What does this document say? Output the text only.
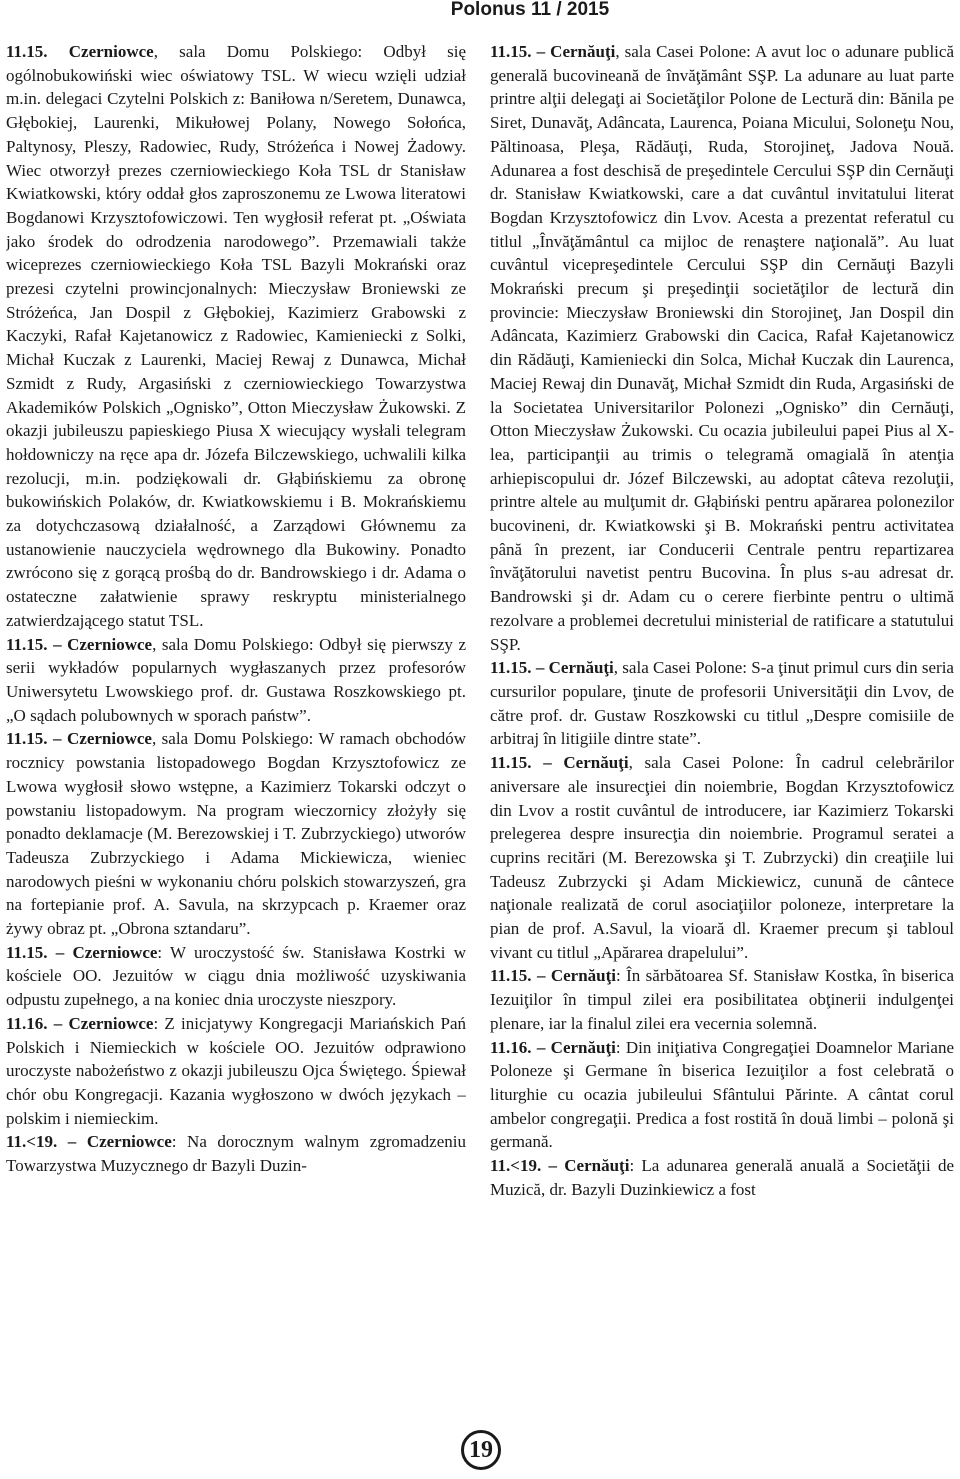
Polonus 11 / 2015

11.15. Czerniowce, sala Domu Polskiego: Odbył się ogólnobukowiński wiec oświatowy TSL. W wiecu wzięli udział m.in. delegaci Czytelni Polskich z: Baniłowa n/Seretem, Dunawca, Głębokiej, Laurenki, Mikułowej Polany, Nowego Sołońca, Paltynosy, Pleszy, Radowiec, Rudy, Stróżeńca i Nowej Żadowy. Wiec otworzył prezes czerniowieckiego Koła TSL dr Stanisław Kwiatkowski, który oddał głos zaproszonemu ze Lwowa literatowi Bogdanowi Krzysztofowiczowi. Ten wygłosił referat pt. „Oświata jako środek do odrodzenia narodowego”. Przemawiali także wiceprezes czerniowieckiego Koła TSL Bazyli Mokrański oraz prezesi czytelni prowincjonalnych: Mieczysław Broniewski ze Stróżeńca, Jan Dospil z Głębokiej, Kazimierz Grabowski z Kaczyki, Rafał Kajetanowicz z Radowiec, Kamieniecki z Solki, Michał Kuczak z Laurenki, Maciej Rewaj z Dunawca, Michał Szmidt z Rudy, Argasiński z czerniowieckiego Towarzystwa Akademików Polskich „Ognisko”, Otton Mieczysław Żukowski. Z okazji jubileuszu papieskiego Piusa X wiecujący wysłali telegram hołdowniczy na ręce apa dr. Józefa Bilczewskiego, uchwalili kilka rezolucji, m.in. podziękowali dr. Głąbińskiemu za obronę bukowińskich Polaków, dr. Kwiatkowskiemu i B. Mokrańskiemu za dotychczasową działalność, a Zarządowi Głównemu za ustanowienie nauczyciela wędrownego dla Bukowiny. Ponadto zwrócono się z gorącą prośbą do dr. Bandrowskiego i dr. Adama o ostateczne załatwienie sprawy reskryptu ministerialnego zatwierdzającego statut TSL.

11.15. – Czerniowce, sala Domu Polskiego: Odbył się pierwszy z serii wykładów popularnych wygłaszanych przez profesorów Uniwersytetu Lwowskiego prof. dr. Gustawa Roszkowskiego pt. „O sądach polubownych w sporach państw”.

11.15. – Czerniowce, sala Domu Polskiego: W ramach obchodów rocznicy powstania listopadowego Bogdan Krzysztofowicz ze Lwowa wygłosił słowo wstępne, a Kazimierz Tokarski odczyt o powstaniu listopadowym. Na program wieczornicy złożyły się ponadto deklamacje (M. Berezowskiej i T. Zubrzyckiego) utworów Tadeusza Zubrzyckiego i Adama Mickiewicza, wieniec narodowych pieśni w wykonaniu chóru polskich stowarzyszeń, gra na fortepianie prof. A. Savula, na skrzypcach p. Kraemer oraz żywy obraz pt. „Obrona sztandaru”.

11.15. – Czerniowce: W uroczystość św. Stanisława Kostrki w kościele OO. Jezuitów w ciągu dnia możliwość uzyskiwania odpustu zupełnego, a na koniec dnia uroczyste nieszpory.

11.16. – Czerniowce: Z inicjatywy Kongregacji Mariańskich Pań Polskich i Niemieckich w kościele OO. Jezuitów odprawiono uroczyste nabożeństwo z okazji jubileuszu Ojca Świętego. Śpiewał chór obu Kongregacji. Kazania wygłoszono w dwóch językach – polskim i niemieckim.

11.<19. – Czerniowce: Na dorocznym walnym zgromadzeniu Towarzystwa Muzycznego dr Bazyli Duzin-

11.15. – Cernăuţi, sala Casei Polone: A avut loc o adunare publică generală bucovineană de învăţământ SŞP. La adunare au luat parte printre alţii delegaţi ai Societăţilor Polone de Lectură din: Bănila pe Siret, Dunavăţ, Adâncata, Laurenca, Poiana Micului, Soloneţu Nou, Păltinoasa, Pleşa, Rădăuţi, Ruda, Storojineţ, Jadova Nouă. Adunarea a fost deschisă de preşedintele Cercului SŞP din Cernăuţi dr. Stanisław Kwiatkowski, care a dat cuvântul invitatului literat Bogdan Krzysztofowicz din Lvov. Acesta a prezentat referatul cu titlul „Învăţământul ca mijloc de renaştere naţională”. Au luat cuvântul vicepreşedintele Cercului SŞP din Cernăuţi Bazyli Mokrański precum şi preşedinţii societăţilor de lectură din provincie: Mieczysław Broniewski din Storojineţ, Jan Dospil din Adâncata, Kazimierz Grabowski din Cacica, Rafał Kajetanowicz din Rădăuţi, Kamieniecki din Solca, Michał Kuczak din Laurenca, Maciej Rewaj din Dunavăţ, Michał Szmidt din Ruda, Argasiński de la Societatea Universitarilor Polonezi „Ognisko” din Cernăuţi, Otton Mieczysław Żukowski. Cu ocazia jubileului papei Pius al X-lea, participanţii au trimis o telegramă omagială în atenţia arhiepiscopului dr. Józef Bilczewski, au adoptat câteva rezoluţii, printre altele au mulţumit dr. Głąbiński pentru apărarea polonezilor bucovineni, dr. Kwiatkowski şi B. Mokrański pentru activitatea până în prezent, iar Conducerii Centrale pentru repartizarea învăţătorului navetist pentru Bucovina. În plus s-au adresat dr. Bandrowski şi dr. Adam cu o cerere fierbinte pentru o ultimă rezolvare a problemei decretului ministerial de ratificare a statutului SŞP.

11.15. – Cernăuţi, sala Casei Polone: S-a ţinut primul curs din seria cursurilor populare, ţinute de profesorii Universităţii din Lvov, de către prof. dr. Gustaw Roszkowski cu titlul „Despre comisiile de arbitraj în litigiile dintre state”.

11.15. – Cernăuţi, sala Casei Polone: În cadrul celebrărilor aniversare ale insurecţiei din noiembrie, Bogdan Krzysztofowicz din Lvov a rostit cuvântul de introducere, iar Kazimierz Tokarski prelegerea despre insurecţia din noiembrie. Programul seratei a cuprins recitări (M. Berezowska şi T. Zubrzycki) din creaţiile lui Tadeusz Zubrzycki şi Adam Mickiewicz, cunună de cântece naţionale realizată de corul asociaţiilor poloneze, interpretare la pian de prof. A.Savul, la vioară dl. Kraemer precum şi tabloul vivant cu titlul „Apărarea drapelului”.

11.15. – Cernăuţi: În sărbătoarea Sf. Stanisław Kostka, în biserica Iezuiţilor în timpul zilei era posibilitatea obţinerii indulgenţei plenare, iar la finalul zilei era vecernia solemnă.

11.16. – Cernăuţi: Din iniţiativa Congregaţiei Doamnelor Mariane Poloneze şi Germane în biserica Iezuiţilor a fost celebrată o liturghie cu ocazia jubileului Sfântului Părinte. A cântat corul ambelor congregaţii. Predica a fost rostită în două limbi – polonă şi germană.

11.<19. – Cernăuţi: La adunarea generală anuală a Societăţii de Muzică, dr. Bazyli Duzinkiewicz a fost

19
